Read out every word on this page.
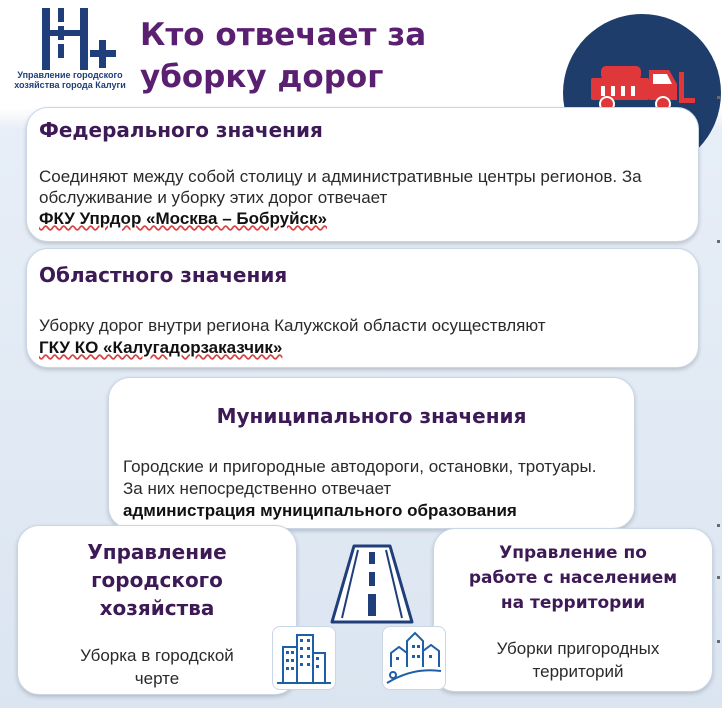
Управление городского хозяйства города Калуги
Кто отвечает за
уборку дорог
Федерального значения
Соединяют между собой столицу и административные центры регионов. За обслуживание и уборку этих дорог отвечает
ФКУ Упрдор «Москва – Бобруйск»
Областного значения
Уборку дорог внутри региона Калужской области осуществляют
ГКУ КО «Калугадорзаказчик»
Муниципального значения
Городские и пригородные автодороги, остановки, тротуары. За них непосредственно отвечает
администрация муниципального образования
Управление
городского
хозяйства
Уборка в городской
черте
Управление по
работе с населением
на территории
Уборки пригородных
территорий
